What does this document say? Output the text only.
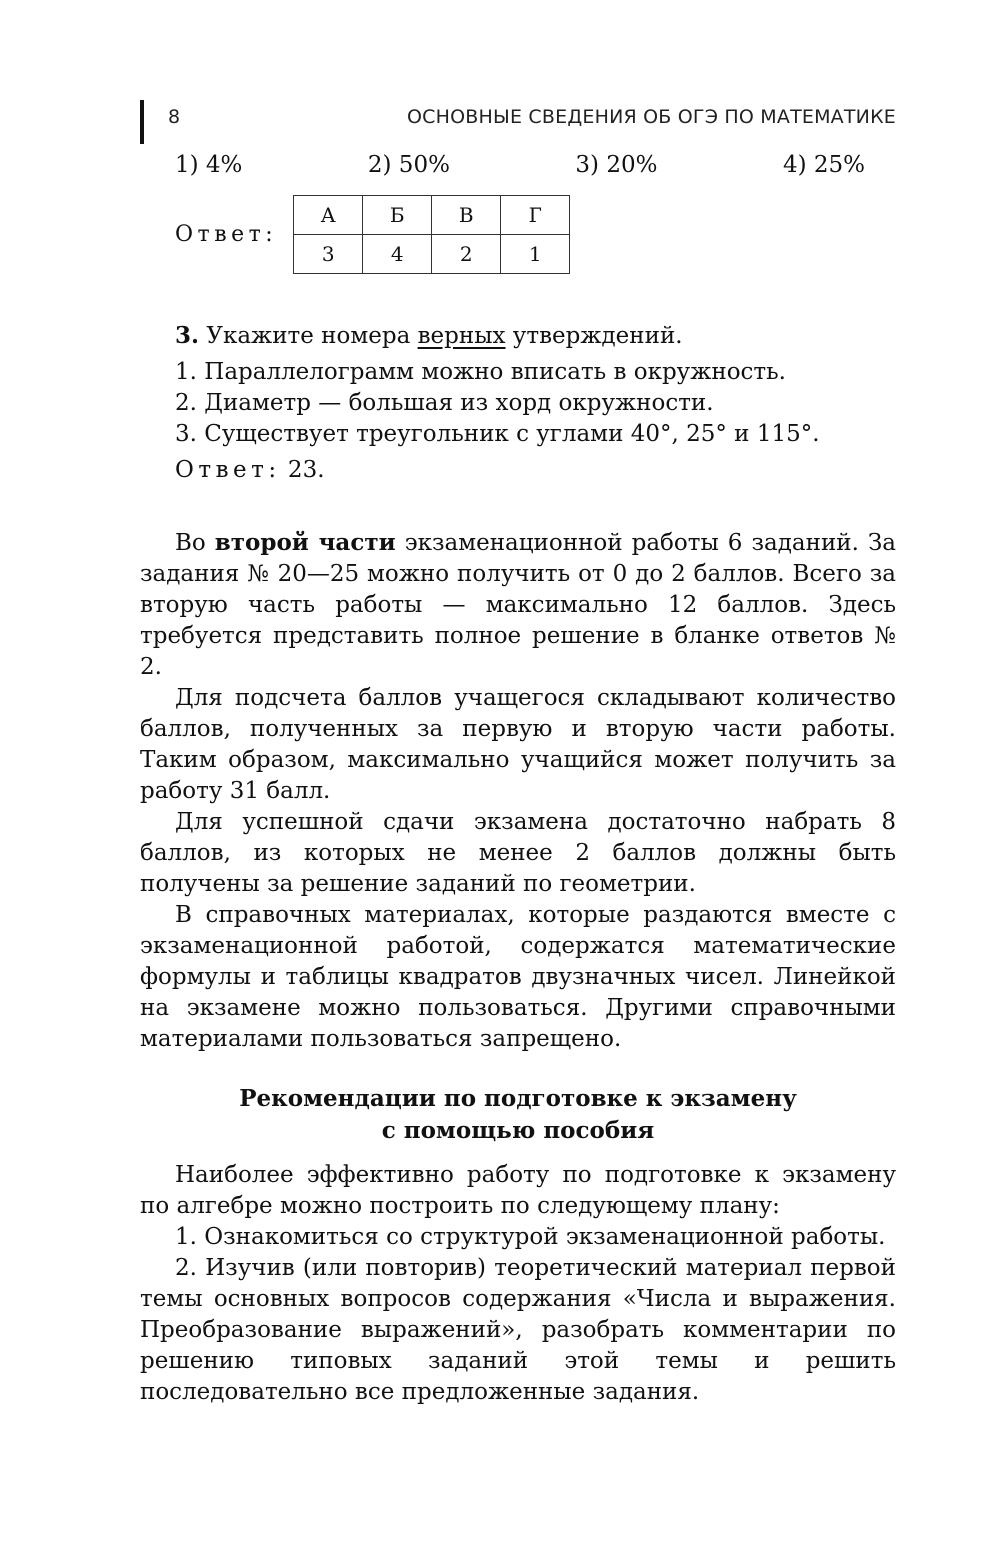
8	ОСНОВНЫЕ СВЕДЕНИЯ ОБ ОГЭ ПО МАТЕМАТИКЕ
1) 4%	2) 50%	3) 20%	4) 25%
Ответ:
А	Б	В	Г
3	4	2	1

3. Укажите номера верных утверждений.

1. Параллелограмм можно вписать в окружность.

2. Диаметр — большая из хорд окружности.

3. Существует треугольник с углами 40°, 25° и 115°.

Ответ: 23.

Во второй части экзаменационной работы 6 заданий. За задания № 20—25 можно получить от 0 до 2 баллов. Всего за вторую часть работы — максимально 12 баллов. Здесь требуется представить полное решение в бланке ответов № 2.

Для подсчета баллов учащегося складывают количество баллов, полученных за первую и вторую части работы. Таким образом, максимально учащийся может получить за работу 31 балл.

Для успешной сдачи экзамена достаточно набрать 8 баллов, из которых не менее 2 баллов должны быть получены за решение заданий по геометрии.

В справочных материалах, которые раздаются вместе с экзаменационной работой, содержатся математические формулы и таблицы квадратов двузначных чисел. Линейкой на экзамене можно пользоваться. Другими справочными материалами пользоваться запрещено.

Рекомендации по подготовке к экзамену
с помощью пособия

Наиболее эффективно работу по подготовке к экзамену по алгебре можно построить по следующему плану:

1. Ознакомиться со структурой экзаменационной работы.

2. Изучив (или повторив) теоретический материал первой темы основных вопросов содержания «Числа и выражения. Преобразование выражений», разобрать комментарии по решению типовых заданий этой темы и решить последовательно все предложенные задания.
